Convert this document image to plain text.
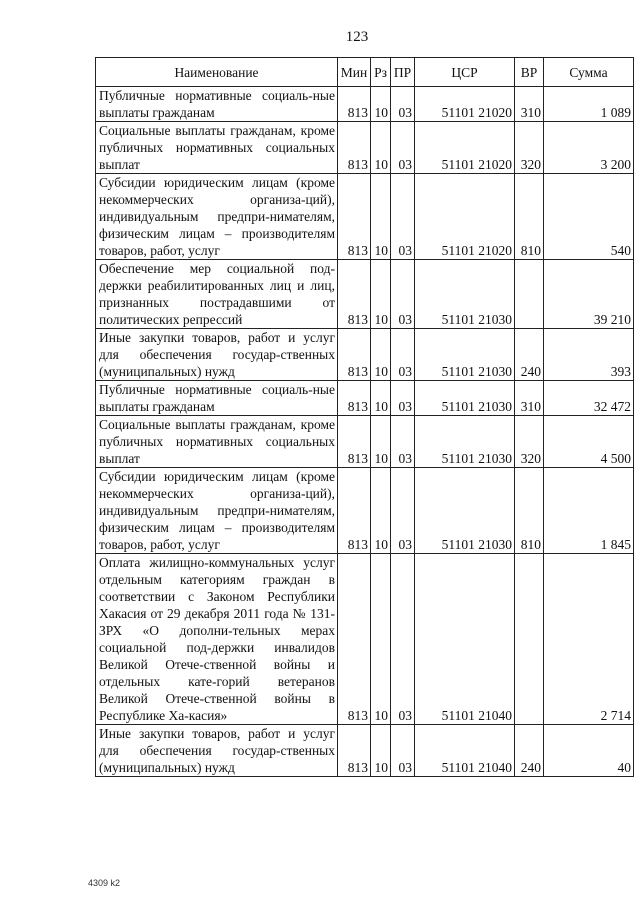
123
Наименование	Мин	Рз	ПР	ЦСР	ВР	Сумма
Публичные нормативные социаль-ные выплаты гражданам	813	10	03	51101 21020	310	1 089
Социальные выплаты гражданам, кроме публичных нормативных социальных выплат	813	10	03	51101 21020	320	3 200
Субсидии юридическим лицам (кроме некоммерческих организа-ций), индивидуальным предпри-нимателям, физическим лицам – производителям товаров, работ, услуг	813	10	03	51101 21020	810	540
Обеспечение мер социальной под-держки реабилитированных лиц и лиц, признанных пострадавшими от политических репрессий	813	10	03	51101 21030		39 210
Иные закупки товаров, работ и услуг для обеспечения государ-ственных (муниципальных) нужд	813	10	03	51101 21030	240	393
Публичные нормативные социаль-ные выплаты гражданам	813	10	03	51101 21030	310	32 472
Социальные выплаты гражданам, кроме публичных нормативных социальных выплат	813	10	03	51101 21030	320	4 500
Субсидии юридическим лицам (кроме некоммерческих организа-ций), индивидуальным предпри-нимателям, физическим лицам – производителям товаров, работ, услуг	813	10	03	51101 21030	810	1 845
Оплата жилищно-коммунальных услуг отдельным категориям граждан в соответствии с Законом Республики Хакасия от 29 декабря 2011 года № 131-ЗРХ «О дополни-тельных мерах социальной под-держки инвалидов Великой Отече-ственной войны и отдельных кате-горий ветеранов Великой Отече-ственной войны в Республике Ха-касия»	813	10	03	51101 21040		2 714
Иные закупки товаров, работ и услуг для обеспечения государ-ственных (муниципальных) нужд	813	10	03	51101 21040	240	40
4309 k2
